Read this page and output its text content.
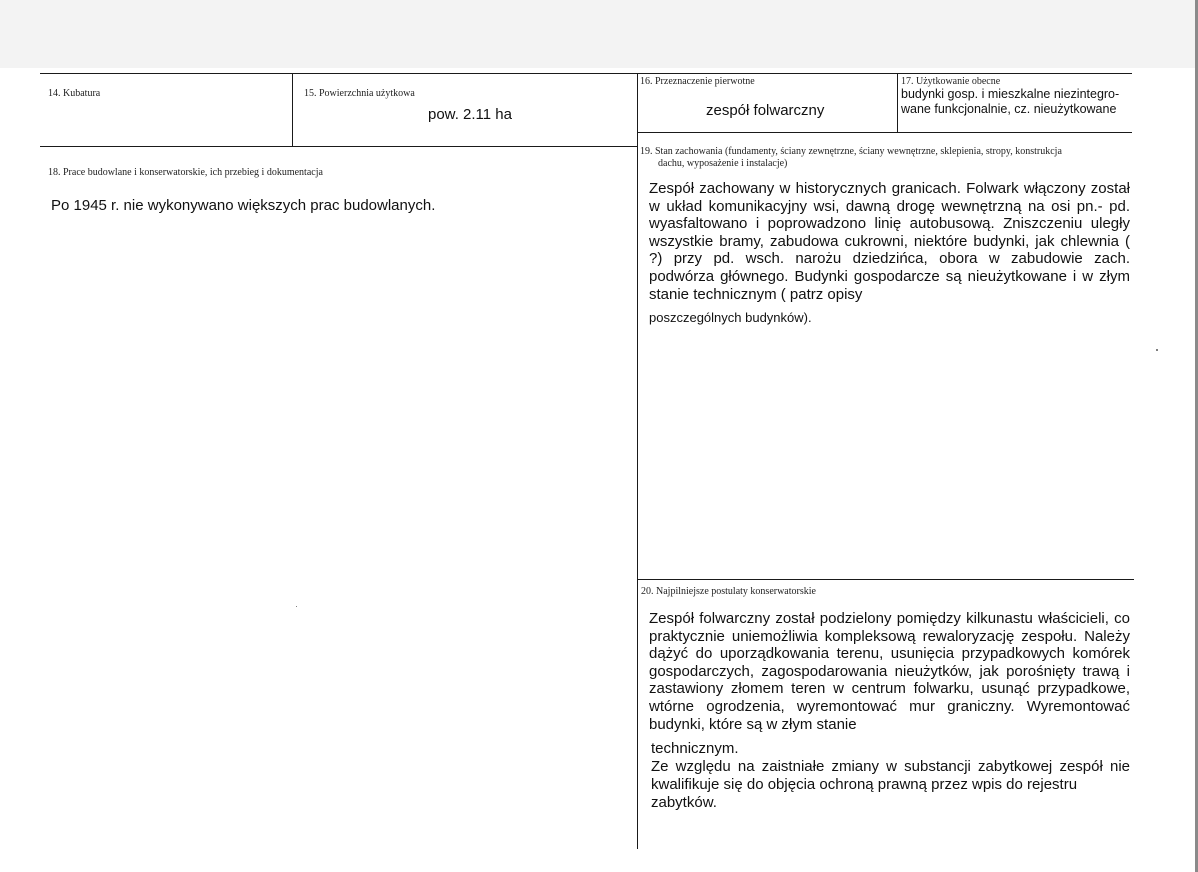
14. Kubatura	15. Powierzchnia użytkowa
pow. 2.11 ha
16. Przeznaczenie pierwotne
zespół folwarczny
17. Użytkowanie obecne
budynki gosp. i mieszkalne niezintegro-
wane funkcjonalnie, cz. nieużytkowane
18. Prace budowlane i konserwatorskie, ich przebieg i dokumentacja
Po 1945 r. nie wykonywano większych prac budowlanych.
19. Stan zachowania (fundamenty, ściany zewnętrzne, ściany wewnętrzne, sklepienia, stropy, konstrukcja
dachu, wyposażenie i instalacje)

Zespół zachowany w historycznych granicach. Folwark włączony został w układ komunikacyjny wsi, dawną drogę wewnętrzną na osi pn.- pd. wyasfaltowano i poprowadzono linię autobusową. Zniszczeniu uległy wszystkie bramy, zabudowa cukrowni, niektóre budynki, jak chlewnia ( ?) przy pd. wsch. narożu dziedzińca, obora w zabudowie zach. podwórza głównego. Budynki gospodarcze są nieużytkowane i w złym stanie technicznym ( patrz opisy

poszczególnych budynków).
20. Najpilniejsze postulaty konserwatorskie

Zespół folwarczny został podzielony pomiędzy kilkunastu właścicieli, co praktycznie uniemożliwia kompleksową rewaloryzację zespołu. Należy dążyć do uporządkowania terenu, usunięcia przypadkowych komórek gospodarczych, zagospodarowania nieużytków, jak porośnięty trawą i zastawiony złomem teren w centrum folwarku, usunąć przypadkowe, wtórne ogrodzenia, wyremontować mur graniczny. Wyremontować budynki, które są w złym stanie

technicznym.

Ze względu na zaistniałe zmiany w substancji zabytkowej zespół nie kwalifikuje się do objęcia ochroną prawną przez wpis do rejestru

zabytków.
